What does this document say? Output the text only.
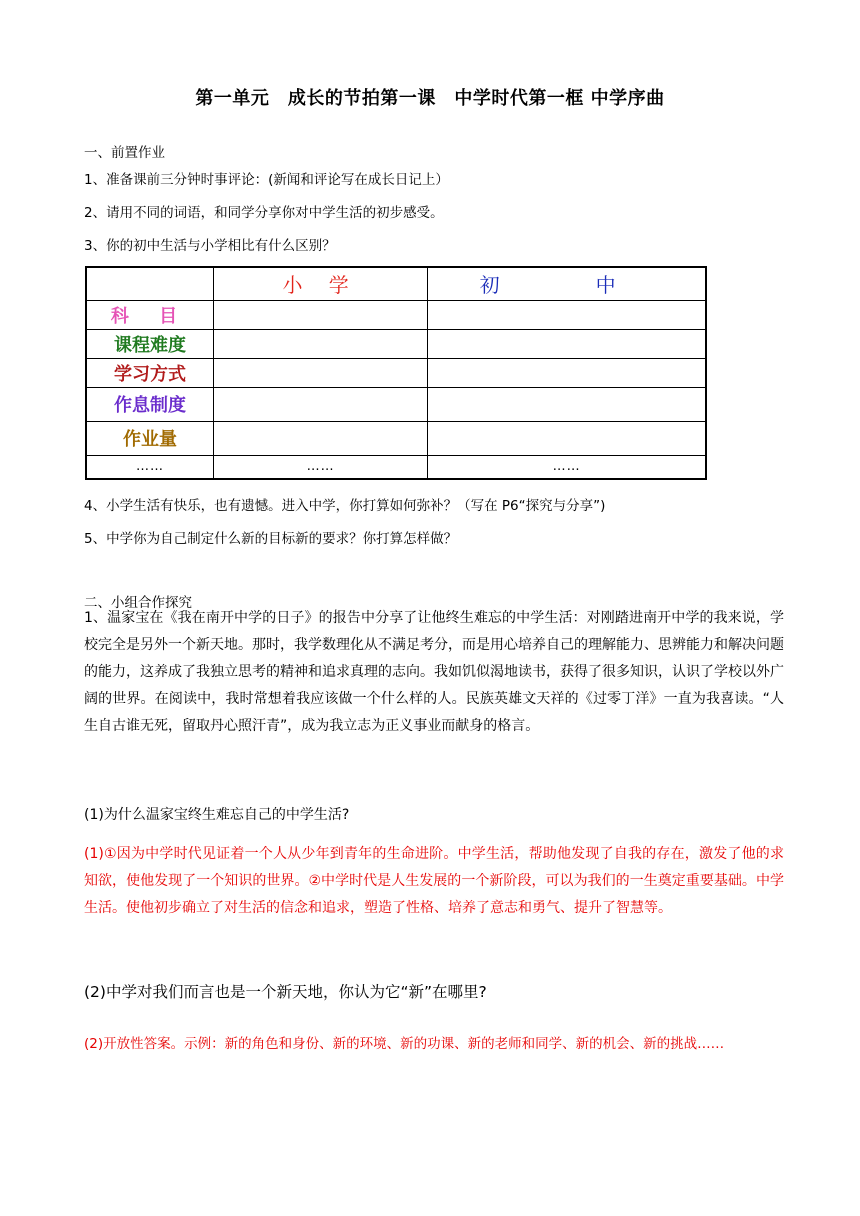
第一单元　成长的节拍第一课　中学时代第一框 中学序曲
一、前置作业
1、准备课前三分钟时事评论：(新闻和评论写在成长日记上）
2、请用不同的词语，和同学分享你对中学生活的初步感受。
3、你的初中生活与小学相比有什么区别？
	小 学	初　中
科 目		
课程难度		
学习方式		
作息制度		
作业量		
……	……	……
4、小学生活有快乐，也有遗憾。进入中学，你打算如何弥补？（写在 P6“探究与分享”)
5、中学你为自己制定什么新的目标新的要求？你打算怎样做？
二、小组合作探究
1、温家宝在《我在南开中学的日子》的报告中分享了让他终生难忘的中学生活：对刚踏进南开中学的我来说，学校完全是另外一个新天地。那时，我学数理化从不满足考分，而是用心培养自己的理解能力、思辨能力和解决问题的能力，这养成了我独立思考的精神和追求真理的志向。我如饥似渴地读书，获得了很多知识，认识了学校以外广阔的世界。在阅读中，我时常想着我应该做一个什么样的人。民族英雄文天祥的《过零丁洋》一直为我喜读。“人生自古谁无死，留取丹心照汗青”，成为我立志为正义事业而献身的格言。
(1)为什么温家宝终生难忘自己的中学生活?
(1)①因为中学时代见证着一个人从少年到青年的生命进阶。中学生活，帮助他发现了自我的存在，激发了他的求知欲，使他发现了一个知识的世界。②中学时代是人生发展的一个新阶段，可以为我们的一生奠定重要基础。中学生活。使他初步确立了对生活的信念和追求，塑造了性格、培养了意志和勇气、提升了智慧等。
(2)中学对我们而言也是一个新天地，你认为它“新”在哪里?
(2)开放性答案。示例：新的角色和身份、新的环境、新的功课、新的老师和同学、新的机会、新的挑战……
